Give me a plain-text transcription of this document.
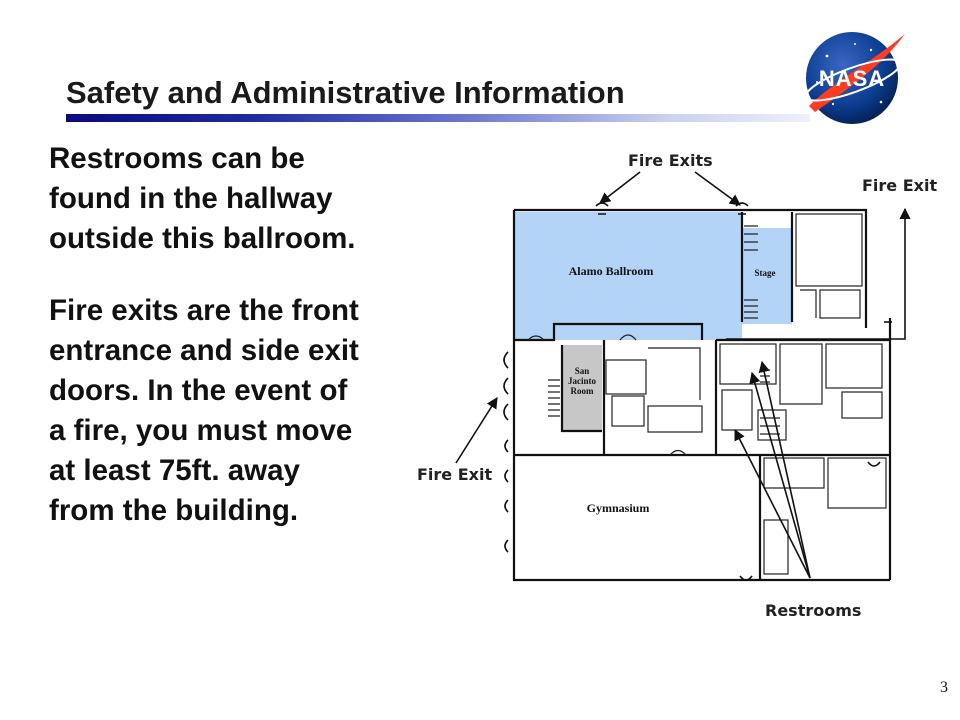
NASA
Safety and Administrative Information
Restrooms can be
found in the hallway
outside this ballroom.
Fire exits are the front
entrance and side exit
doors. In the event of
a fire, you must move
at least 75ft. away
from the building.
Alamo Ballroom	Stage
San
Jacinto
Room
Gymnasium
Fire Exits
Fire Exit
Fire Exit
Restrooms
3
